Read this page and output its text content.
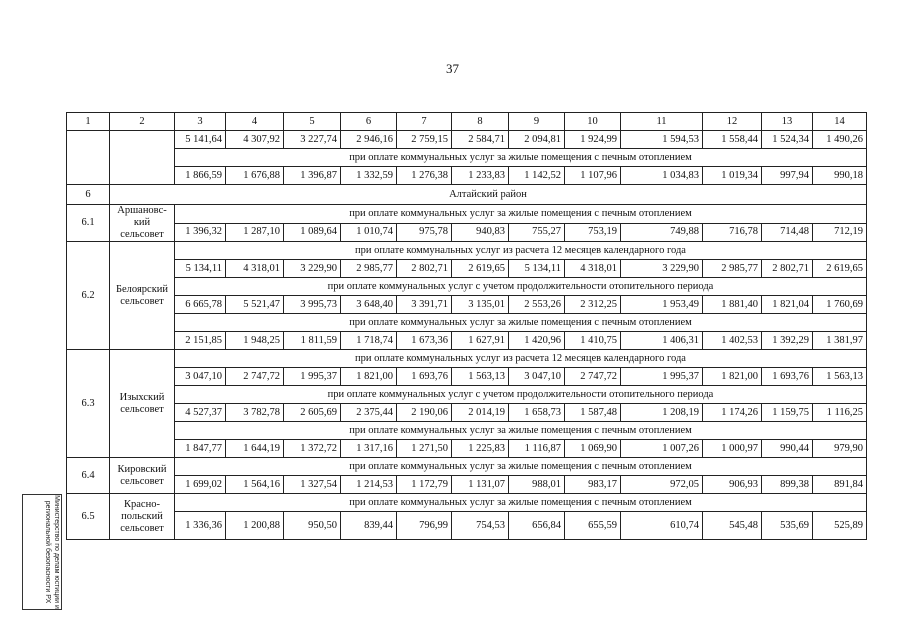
37
1	2	3	4	5	6	7	8	9	10	11	12	13	14
		5 141,64	4 307,92	3 227,74	2 946,16	2 759,15	2 584,71	2 094,81	1 924,99	1 594,53	1 558,44	1 524,34	1 490,26
		при оплате коммунальных услуг за жилые помещения с печным отоплением											
		1 866,59	1 676,88	1 396,87	1 332,59	1 276,38	1 233,83	1 142,52	1 107,96	1 034,83	1 019,34	997,94	990,18
6	Алтайский район												
6.1	Аршановс-кий сельсовет	при оплате коммунальных услуг за жилые помещения с печным отоплением											
		1 396,32	1 287,10	1 089,64	1 010,74	975,78	940,83	755,27	753,19	749,88	716,78	714,48	712,19
6.2	Белоярский сельсовет	при оплате коммунальных услуг из расчета 12 месяцев календарного года											
		5 134,11	4 318,01	3 229,90	2 985,77	2 802,71	2 619,65	5 134,11	4 318,01	3 229,90	2 985,77	2 802,71	2 619,65
		при оплате коммунальных услуг с учетом продолжительности отопительного периода											
		6 665,78	5 521,47	3 995,73	3 648,40	3 391,71	3 135,01	2 553,26	2 312,25	1 953,49	1 881,40	1 821,04	1 760,69
		при оплате коммунальных услуг за жилые помещения с печным отоплением											
		2 151,85	1 948,25	1 811,59	1 718,74	1 673,36	1 627,91	1 420,96	1 410,75	1 406,31	1 402,53	1 392,29	1 381,97
6.3	Изыхский сельсовет	при оплате коммунальных услуг из расчета 12 месяцев календарного года											
		3 047,10	2 747,72	1 995,37	1 821,00	1 693,76	1 563,13	3 047,10	2 747,72	1 995,37	1 821,00	1 693,76	1 563,13
		при оплате коммунальных услуг с учетом продолжительности отопительного периода											
		4 527,37	3 782,78	2 605,69	2 375,44	2 190,06	2 014,19	1 658,73	1 587,48	1 208,19	1 174,26	1 159,75	1 116,25
		при оплате коммунальных услуг за жилые помещения с печным отоплением											
		1 847,77	1 644,19	1 372,72	1 317,16	1 271,50	1 225,83	1 116,87	1 069,90	1 007,26	1 000,97	990,44	979,90
6.4	Кировский сельсовет	при оплате коммунальных услуг за жилые помещения с печным отоплением											
		1 699,02	1 564,16	1 327,54	1 214,53	1 172,79	1 131,07	988,01	983,17	972,05	906,93	899,38	891,84
6.5	Красно-польский сельсовет	при оплате коммунальных услуг за жилые помещения с печным отоплением											
		1 336,36	1 200,88	950,50	839,44	796,99	754,53	656,84	655,59	610,74	545,48	535,69	525,89
Министерство по делам юстиции и региональной безопасности РХ
